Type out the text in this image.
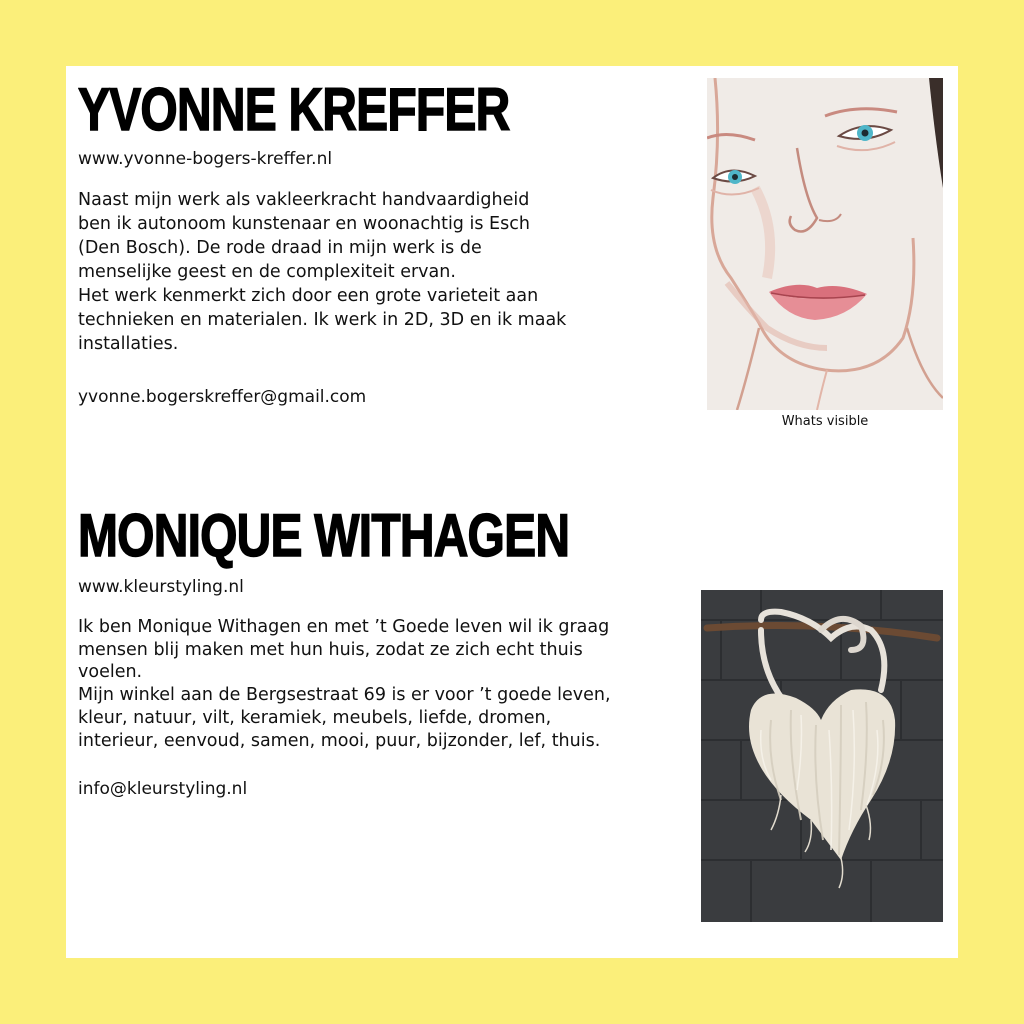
YVONNE KREFFER
www.yvonne-bogers-kreffer.nl

Naast mijn werk als vakleerkracht handvaardigheid

ben ik autonoom kunstenaar en woonachtig is Esch

(Den Bosch). De rode draad in mijn werk is de

menselijke geest en de complexiteit ervan.

Het werk kenmerkt zich door een grote varieteit aan

technieken en materialen. Ik werk in 2D, 3D en ik maak

installaties.

yvonne.bogerskreffer@gmail.com
Whats visible
MONIQUE WITHAGEN
www.kleurstyling.nl

Ik ben Monique Withagen en met ’t Goede leven wil ik graag

mensen blij maken met hun huis, zodat ze zich echt thuis

voelen.

Mijn winkel aan de Bergsestraat 69 is er voor ’t goede leven,

kleur, natuur, vilt, keramiek, meubels, liefde, dromen,

interieur, eenvoud, samen, mooi, puur, bijzonder, lef, thuis.

info@kleurstyling.nl
